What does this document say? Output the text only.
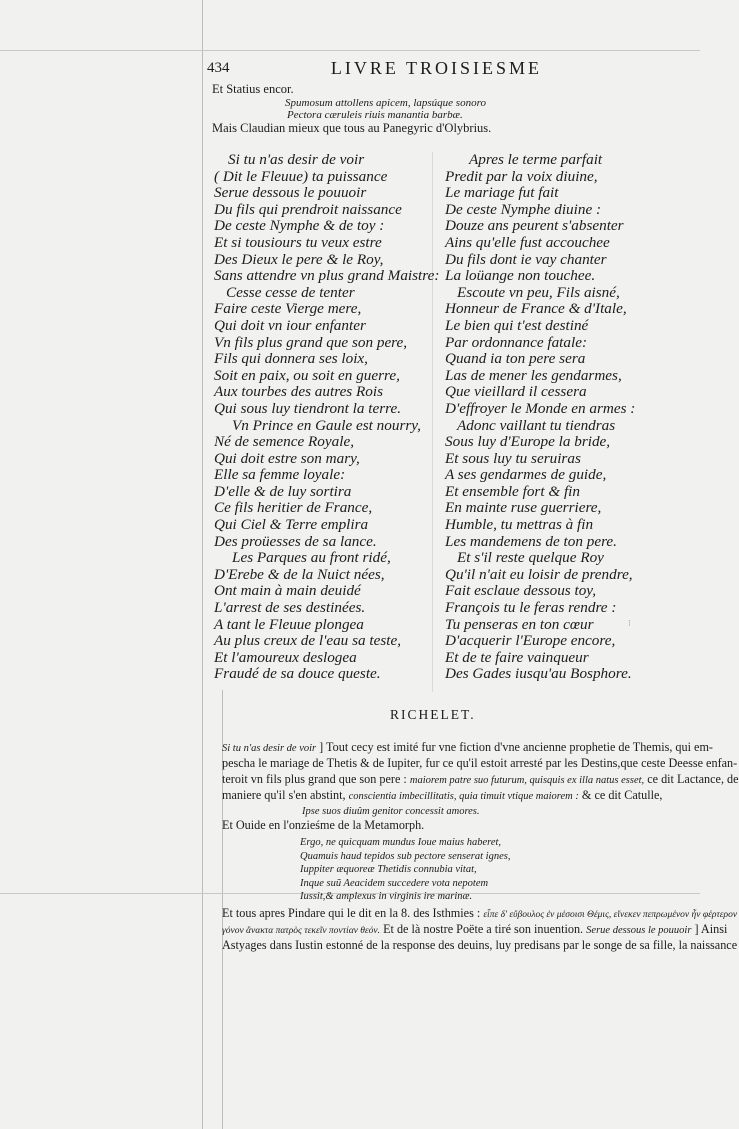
434	LIVRE TROISIESME
Et Statius encor.
Spumosum attollens apicem, lapsúque sonoro
Pectora cæruleis riuis manantia barbæ.
Mais Claudian mieux que tous au Panegyric d'Olybrius.
Si tu n'as desir de voir
( Dit le Fleuue) ta puissance
Serue dessous le pouuoir
Du fils qui prendroit naissance
De ceste Nymphe & de toy :
Et si tousiours tu veux estre
Des Dieux le pere & le Roy,
Sans attendre vn plus grand Maistre:
Cesse cesse de tenter
Faire ceste Vierge mere,
Qui doit vn iour enfanter
Vn fils plus grand que son pere,
Fils qui donnera ses loix,
Soit en paix, ou soit en guerre,
Aux tourbes des autres Rois
Qui sous luy tiendront la terre.
Vn Prince en Gaule est nourry,
Né de semence Royale,
Qui doit estre son mary,
Elle sa femme loyale:
D'elle & de luy sortira
Ce fils heritier de France,
Qui Ciel & Terre emplira
Des proüesses de sa lance.
Les Parques au front ridé,
D'Erebe & de la Nuict nées,
Ont main à main deuidé
L'arrest de ses destinées.
A tant le Fleuue plongea
Au plus creux de l'eau sa teste,
Et l'amoureux deslogea
Fraudé de sa douce queste.
Apres le terme parfait
Predit par la voix diuine,
Le mariage fut fait
De ceste Nymphe diuine :
Douze ans peurent s'absenter
Ains qu'elle fust accouchee
Du fils dont ie vay chanter
La loüange non touchee.
Escoute vn peu, Fils aisné,
Honneur de France & d'Itale,
Le bien qui t'est destiné
Par ordonnance fatale:
Quand ia ton pere sera
Las de mener les gendarmes,
Que vieillard il cessera
D'effroyer le Monde en armes :
Adonc vaillant tu tiendras
Sous luy d'Europe la bride,
Et sous luy tu seruiras
A ses gendarmes de guide,
Et ensemble fort & fin
En mainte ruse guerriere,
Humble, tu mettras à fin
Les mandemens de ton pere.
Et s'il reste quelque Roy
Qu'il n'ait eu loisir de prendre,
Fait esclaue dessous toy,
François tu le feras rendre :
Tu penseras en ton cœur
D'acquerir l'Europe encore,
Et de te faire vainqueur
Des Gades iusqu'au Bosphore.
⁝
RICHELET.
Si tu n'as desir de voir ] Tout cecy est imité fur vne fiction d'vne ancienne prophetie de Themis, qui em-
pescha le mariage de Thetis & de Iupiter, fur ce qu'il estoit arresté par les Destins,que ceste Deesse enfan-
teroit vn fils plus grand que son pere : maiorem patre suo futurum, quisquis ex illa natus esset, ce dit Lactance, de
maniere qu'il s'en abstint, conscientia imbecillitatis, quia timuit vtique maiorem : & ce dit Catulle,
Ipse suos diuûm genitor concessit amores.
Et Ouide en l'onzieśme de la Metamorph.
Ergo, ne quicquam mundus Ioue maius haberet,
Quamuis haud tepidos sub pectore senserat ignes,
Iuppiter æquoreæ Thetidis connubia vitat,
Inque suũ Aeacidem succedere vota nepotem
Iussit,& amplexus in virginis ire marinæ.
Et tous apres Pindare qui le dit en la 8. des Isthmies : εἶπε δ' εὔβουλος ἐν μέσοισι Θέμις, εἵνεκεν πεπρωμένον ἦν φέρτερον
γόνον ἄνακτα πατρὸς τεκεῖν ποντίαν θεόν. Et de là nostre Poëte a tiré son inuention. Serue dessous le pouuoir ] Ainsi
Astyages dans Iustin estonné de la response des deuins, luy predisans par le songe de sa fille, la naissance
